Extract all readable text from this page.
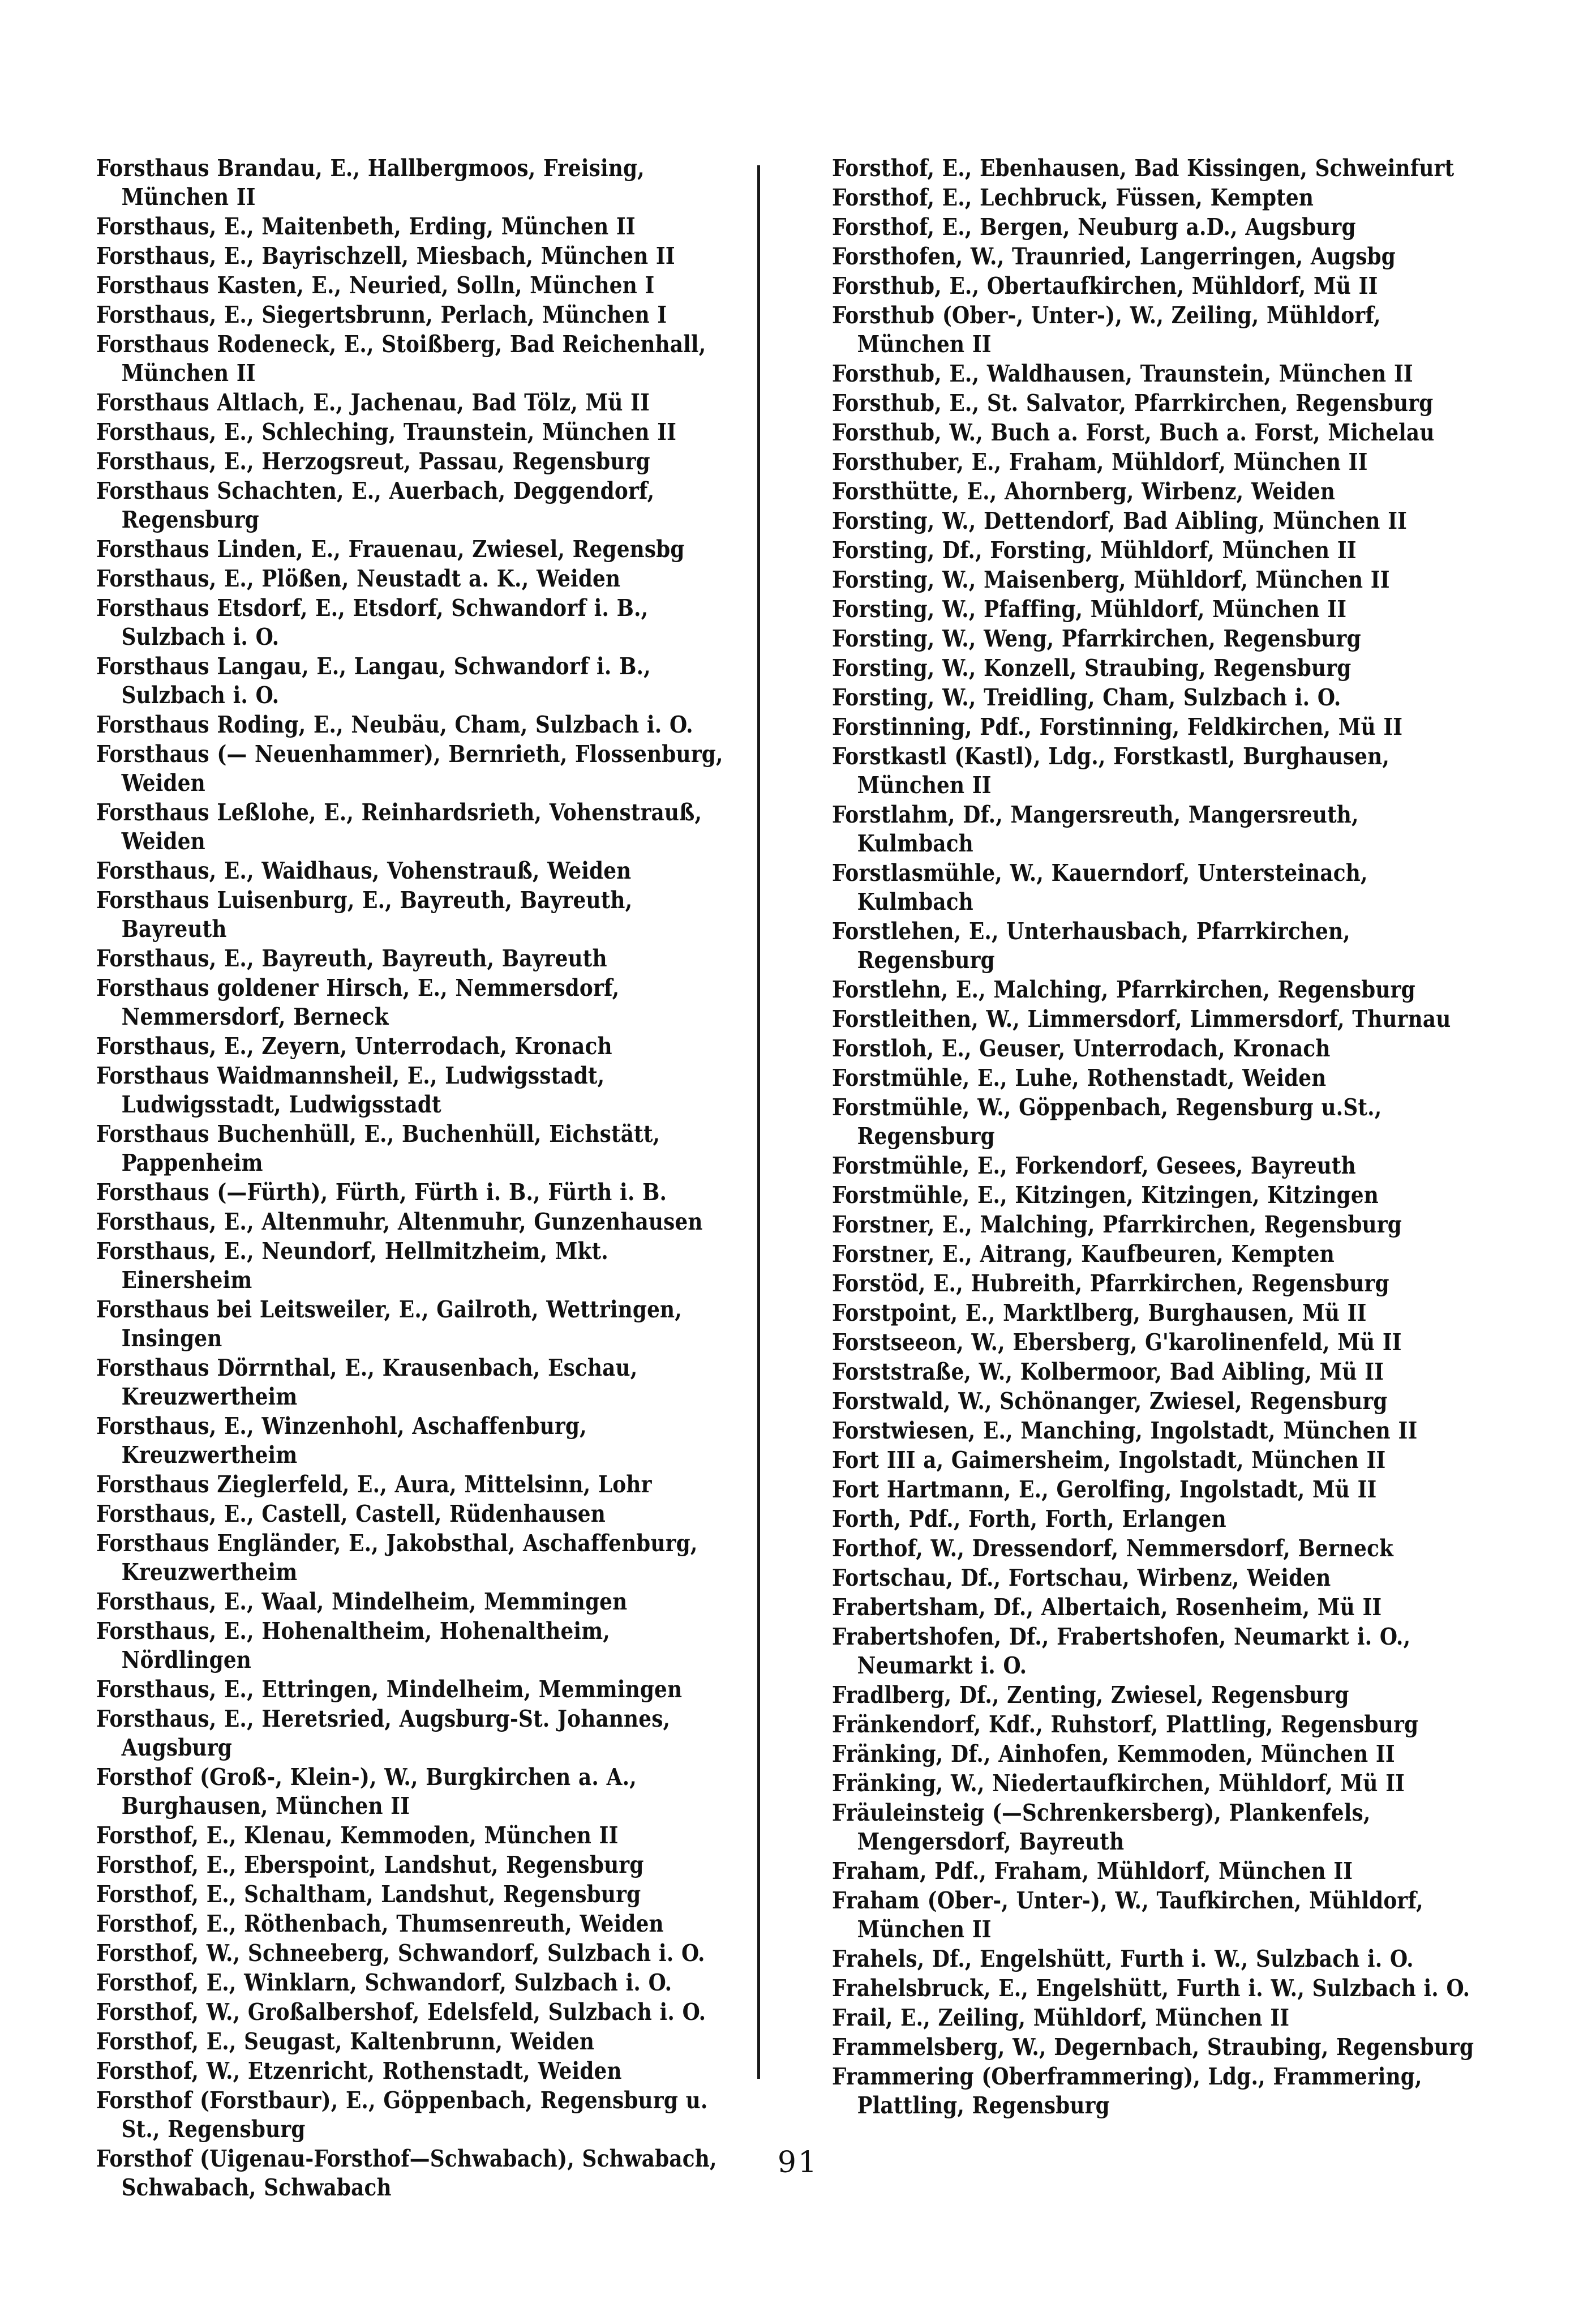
Forsthaus Brandau, E., Hallbergmoos, Freising, München II

Forsthaus, E., Maitenbeth, Erding, München II

Forsthaus, E., Bayrischzell, Miesbach, München II

Forsthaus Kasten, E., Neuried, Solln, München I

Forsthaus, E., Siegertsbrunn, Perlach, München I

Forsthaus Rodeneck, E., Stoißberg, Bad Reichenhall, München II

Forsthaus Altlach, E., Jachenau, Bad Tölz, Mü II

Forsthaus, E., Schleching, Traunstein, München II

Forsthaus, E., Herzogsreut, Passau, Regensburg

Forsthaus Schachten, E., Auerbach, Deggendorf, Regensburg

Forsthaus Linden, E., Frauenau, Zwiesel, Regensbg

Forsthaus, E., Plößen, Neustadt a. K., Weiden

Forsthaus Etsdorf, E., Etsdorf, Schwandorf i. B., Sulzbach i. O.

Forsthaus Langau, E., Langau, Schwandorf i. B., Sulzbach i. O.

Forsthaus Roding, E., Neubäu, Cham, Sulzbach i. O.

Forsthaus (— Neuenhammer), Bernrieth, Flossenburg, Weiden

Forsthaus Leßlohe, E., Reinhardsrieth, Vohenstrauß, Weiden

Forsthaus, E., Waidhaus, Vohenstrauß, Weiden

Forsthaus Luisenburg, E., Bayreuth, Bayreuth, Bayreuth

Forsthaus, E., Bayreuth, Bayreuth, Bayreuth

Forsthaus goldener Hirsch, E., Nemmersdorf, Nemmersdorf, Berneck

Forsthaus, E., Zeyern, Unterrodach, Kronach

Forsthaus Waidmannsheil, E., Ludwigsstadt, Ludwigsstadt, Ludwigsstadt

Forsthaus Buchenhüll, E., Buchenhüll, Eichstätt, Pappenheim

Forsthaus (—Fürth), Fürth, Fürth i. B., Fürth i. B.

Forsthaus, E., Altenmuhr, Altenmuhr, Gunzenhausen

Forsthaus, E., Neundorf, Hellmitzheim, Mkt. Einersheim

Forsthaus bei Leitsweiler, E., Gailroth, Wettringen, Insingen

Forsthaus Dörrnthal, E., Krausenbach, Eschau, Kreuzwertheim

Forsthaus, E., Winzenhohl, Aschaffenburg, Kreuzwertheim

Forsthaus Zieglerfeld, E., Aura, Mittelsinn, Lohr

Forsthaus, E., Castell, Castell, Rüdenhausen

Forsthaus Engländer, E., Jakobsthal, Aschaffenburg, Kreuzwertheim

Forsthaus, E., Waal, Mindelheim, Memmingen

Forsthaus, E., Hohenaltheim, Hohenaltheim, Nördlingen

Forsthaus, E., Ettringen, Mindelheim, Memmingen

Forsthaus, E., Heretsried, Augsburg-St. Johannes, Augsburg

Forsthof (Groß-, Klein-), W., Burgkirchen a. A., Burghausen, München II

Forsthof, E., Klenau, Kemmoden, München II

Forsthof, E., Eberspoint, Landshut, Regensburg

Forsthof, E., Schaltham, Landshut, Regensburg

Forsthof, E., Röthenbach, Thumsenreuth, Weiden

Forsthof, W., Schneeberg, Schwandorf, Sulzbach i. O.

Forsthof, E., Winklarn, Schwandorf, Sulzbach i. O.

Forsthof, W., Großalbershof, Edelsfeld, Sulzbach i. O.

Forsthof, E., Seugast, Kaltenbrunn, Weiden

Forsthof, W., Etzenricht, Rothenstadt, Weiden

Forsthof (Forstbaur), E., Göppenbach, Regensburg u. St., Regensburg

Forsthof (Uigenau-Forsthof—Schwabach), Schwabach, Schwabach, Schwabach

Forsthof, E., Ebenhausen, Bad Kissingen, Schweinfurt

Forsthof, E., Lechbruck, Füssen, Kempten

Forsthof, E., Bergen, Neuburg a.D., Augsburg

Forsthofen, W., Traunried, Langerringen, Augsbg

Forsthub, E., Obertaufkirchen, Mühldorf, Mü II

Forsthub (Ober-, Unter-), W., Zeiling, Mühldorf, München II

Forsthub, E., Waldhausen, Traunstein, München II

Forsthub, E., St. Salvator, Pfarrkirchen, Regensburg

Forsthub, W., Buch a. Forst, Buch a. Forst, Michelau

Forsthuber, E., Fraham, Mühldorf, München II

Forsthütte, E., Ahornberg, Wirbenz, Weiden

Forsting, W., Dettendorf, Bad Aibling, München II

Forsting, Df., Forsting, Mühldorf, München II

Forsting, W., Maisenberg, Mühldorf, München II

Forsting, W., Pfaffing, Mühldorf, München II

Forsting, W., Weng, Pfarrkirchen, Regensburg

Forsting, W., Konzell, Straubing, Regensburg

Forsting, W., Treidling, Cham, Sulzbach i. O.

Forstinning, Pdf., Forstinning, Feldkirchen, Mü II

Forstkastl (Kastl), Ldg., Forstkastl, Burghausen, München II

Forstlahm, Df., Mangersreuth, Mangersreuth, Kulmbach

Forstlasmühle, W., Kauerndorf, Untersteinach, Kulmbach

Forstlehen, E., Unterhausbach, Pfarrkirchen, Regensburg

Forstlehn, E., Malching, Pfarrkirchen, Regensburg

Forstleithen, W., Limmersdorf, Limmersdorf, Thurnau

Forstloh, E., Geuser, Unterrodach, Kronach

Forstmühle, E., Luhe, Rothenstadt, Weiden

Forstmühle, W., Göppenbach, Regensburg u.St., Regensburg

Forstmühle, E., Forkendorf, Gesees, Bayreuth

Forstmühle, E., Kitzingen, Kitzingen, Kitzingen

Forstner, E., Malching, Pfarrkirchen, Regensburg

Forstner, E., Aitrang, Kaufbeuren, Kempten

Forstöd, E., Hubreith, Pfarrkirchen, Regensburg

Forstpoint, E., Marktlberg, Burghausen, Mü II

Forstseeon, W., Ebersberg, G'karolinenfeld, Mü II

Forststraße, W., Kolbermoor, Bad Aibling, Mü II

Forstwald, W., Schönanger, Zwiesel, Regensburg

Forstwiesen, E., Manching, Ingolstadt, München II

Fort III a, Gaimersheim, Ingolstadt, München II

Fort Hartmann, E., Gerolfing, Ingolstadt, Mü II

Forth, Pdf., Forth, Forth, Erlangen

Forthof, W., Dressendorf, Nemmersdorf, Berneck

Fortschau, Df., Fortschau, Wirbenz, Weiden

Frabertsham, Df., Albertaich, Rosenheim, Mü II

Frabertshofen, Df., Frabertshofen, Neumarkt i. O., Neumarkt i. O.

Fradlberg, Df., Zenting, Zwiesel, Regensburg

Fränkendorf, Kdf., Ruhstorf, Plattling, Regensburg

Fränking, Df., Ainhofen, Kemmoden, München II

Fränking, W., Niedertaufkirchen, Mühldorf, Mü II

Fräuleinsteig (—Schrenkersberg), Plankenfels, Mengersdorf, Bayreuth

Fraham, Pdf., Fraham, Mühldorf, München II

Fraham (Ober-, Unter-), W., Taufkirchen, Mühldorf, München II

Frahels, Df., Engelshütt, Furth i. W., Sulzbach i. O.

Frahelsbruck, E., Engelshütt, Furth i. W., Sulzbach i. O.

Frail, E., Zeiling, Mühldorf, München II

Frammelsberg, W., Degernbach, Straubing, Regensburg

Frammering (Oberframmering), Ldg., Frammering, Plattling, Regensburg

91
